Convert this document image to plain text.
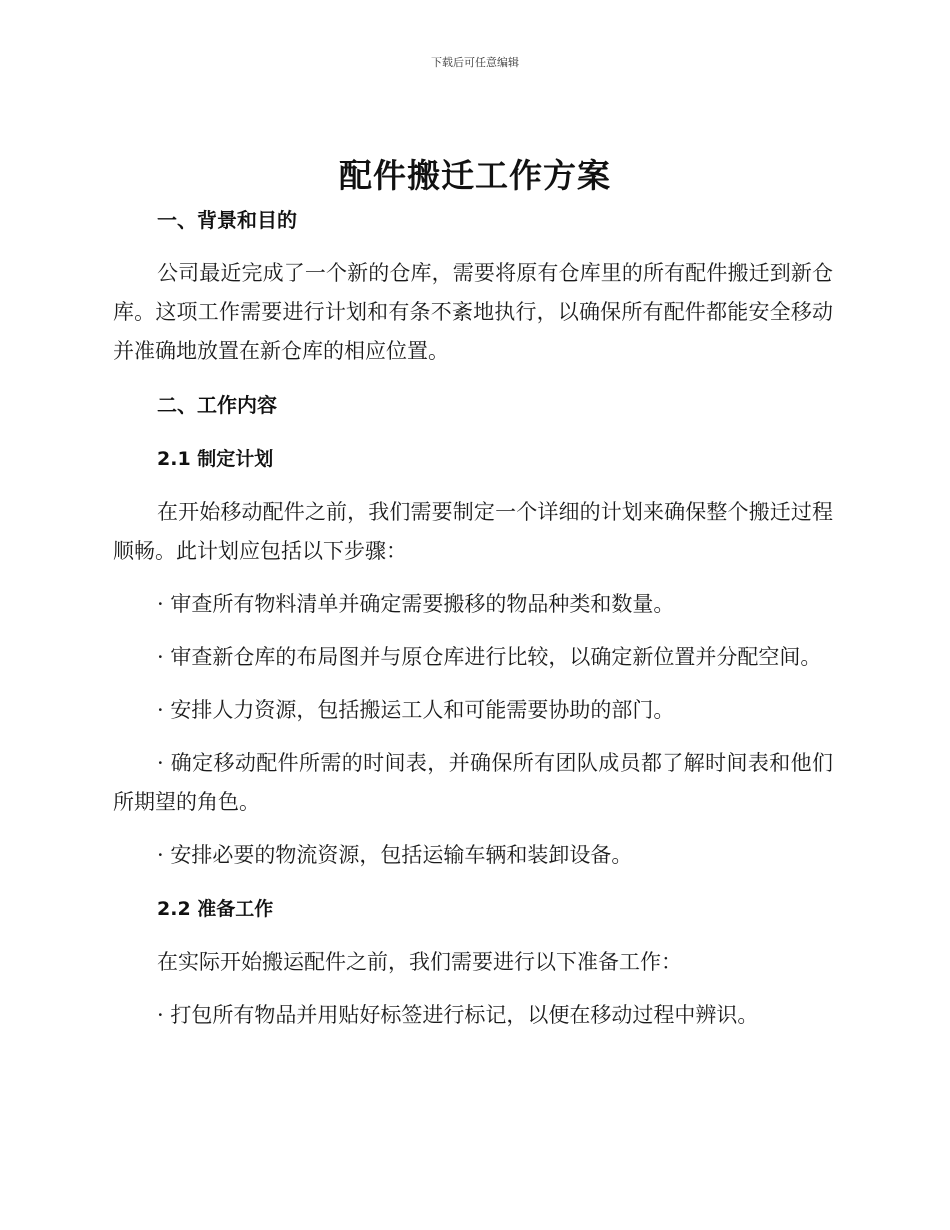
下载后可任意编辑
配件搬迁工作方案
一、背景和目的

公司最近完成了一个新的仓库，需要将原有仓库里的所有配件搬迁到新仓库。这项工作需要进行计划和有条不紊地执行，以确保所有配件都能安全移动并准确地放置在新仓库的相应位置。

二、工作内容
2.1 制定计划

在开始移动配件之前，我们需要制定一个详细的计划来确保整个搬迁过程顺畅。此计划应包括以下步骤：

· 审查所有物料清单并确定需要搬移的物品种类和数量。

· 审查新仓库的布局图并与原仓库进行比较，以确定新位置并分配空间。

· 安排人力资源，包括搬运工人和可能需要协助的部门。

· 确定移动配件所需的时间表，并确保所有团队成员都了解时间表和他们所期望的角色。

· 安排必要的物流资源，包括运输车辆和装卸设备。

2.2 准备工作

在实际开始搬运配件之前，我们需要进行以下准备工作：

· 打包所有物品并用贴好标签进行标记，以便在移动过程中辨识。
